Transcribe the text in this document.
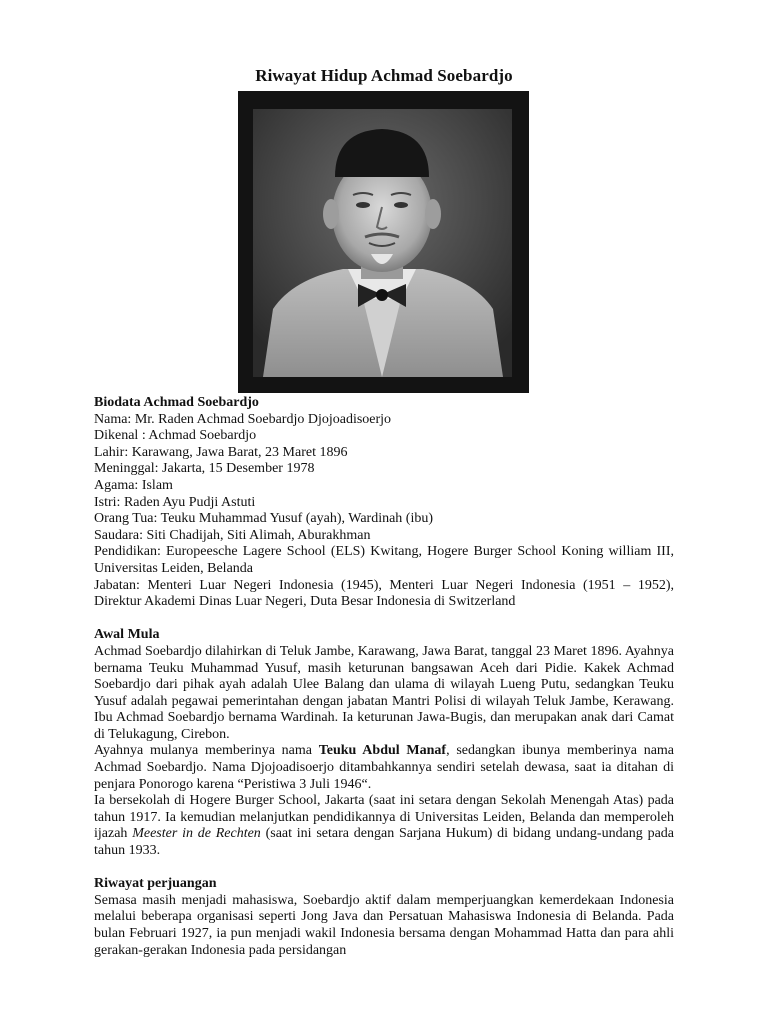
Riwayat Hidup Achmad Soebardjo

Biodata Achmad Soebardjo

Nama: Mr. Raden Achmad Soebardjo Djojoadisoerjo

Dikenal : Achmad Soebardjo

Lahir: Karawang, Jawa Barat, 23 Maret 1896

Meninggal: Jakarta, 15 Desember 1978

Agama: Islam

Istri: Raden Ayu Pudji Astuti

Orang Tua: Teuku Muhammad Yusuf (ayah), Wardinah (ibu)

Saudara: Siti Chadijah, Siti Alimah, Aburakhman

Pendidikan: Europeesche Lagere School (ELS) Kwitang, Hogere Burger School Koning william III, Universitas Leiden, Belanda

Jabatan: Menteri Luar Negeri Indonesia (1945), Menteri Luar Negeri Indonesia (1951 – 1952), Direktur Akademi Dinas Luar Negeri, Duta Besar Indonesia di Switzerland

Awal Mula

Achmad Soebardjo dilahirkan di Teluk Jambe, Karawang, Jawa Barat, tanggal 23 Maret 1896. Ayahnya bernama Teuku Muhammad Yusuf, masih keturunan bangsawan Aceh dari Pidie. Kakek Achmad Soebardjo dari pihak ayah adalah Ulee Balang dan ulama di wilayah Lueng Putu, sedangkan Teuku Yusuf adalah pegawai pemerintahan dengan jabatan Mantri Polisi di wilayah Teluk Jambe, Kerawang. Ibu Achmad Soebardjo bernama Wardinah. Ia keturunan Jawa-Bugis, dan merupakan anak dari Camat di Telukagung, Cirebon.

Ayahnya mulanya memberinya nama Teuku Abdul Manaf, sedangkan ibunya memberinya nama Achmad Soebardjo. Nama Djojoadisoerjo ditambahkannya sendiri setelah dewasa, saat ia ditahan di penjara Ponorogo karena “Peristiwa 3 Juli 1946“.

Ia bersekolah di Hogere Burger School, Jakarta (saat ini setara dengan Sekolah Menengah Atas) pada tahun 1917. Ia kemudian melanjutkan pendidikannya di Universitas Leiden, Belanda dan memperoleh ijazah Meester in de Rechten (saat ini setara dengan Sarjana Hukum) di bidang undang-undang pada tahun 1933.

Riwayat perjuangan

Semasa masih menjadi mahasiswa, Soebardjo aktif dalam memperjuangkan kemerdekaan Indonesia melalui beberapa organisasi seperti Jong Java dan Persatuan Mahasiswa Indonesia di Belanda. Pada bulan Februari 1927, ia pun menjadi wakil Indonesia bersama dengan Mohammad Hatta dan para ahli gerakan-gerakan Indonesia pada persidangan
